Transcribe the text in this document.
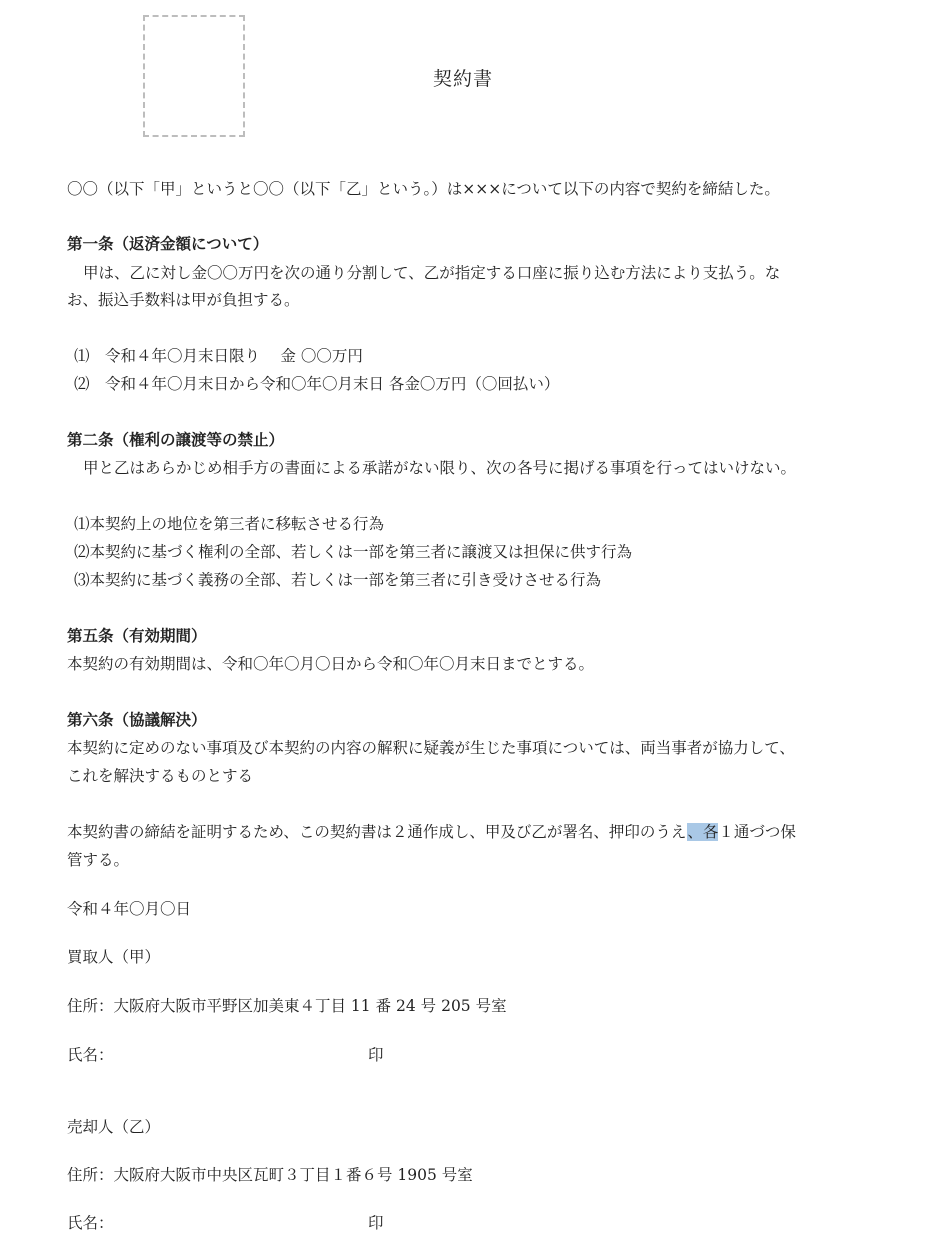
契約書
〇〇（以下「甲」というと〇〇（以下「乙」という。）は×××について以下の内容で契約を締結した。
第一条（返済金額について）
甲は、乙に対し金〇〇万円を次の通り分割して、乙が指定する口座に振り込む方法により支払う。な
お、振込手数料は甲が負担する。
⑴　令和４年〇月末日限り　 金 〇〇万円
⑵　令和４年〇月末日から令和〇年〇月末日 各金〇万円（〇回払い）
第二条（権利の譲渡等の禁止）
甲と乙はあらかじめ相手方の書面による承諾がない限り、次の各号に掲げる事項を行ってはいけない。
⑴本契約上の地位を第三者に移転させる行為
⑵本契約に基づく権利の全部、若しくは一部を第三者に譲渡又は担保に供す行為
⑶本契約に基づく義務の全部、若しくは一部を第三者に引き受けさせる行為
第五条（有効期間）
本契約の有効期間は、令和〇年〇月〇日から令和〇年〇月末日までとする。
第六条（協議解決）
本契約に定めのない事項及び本契約の内容の解釈に疑義が生じた事項については、両当事者が協力して、
これを解決するものとする
本契約書の締結を証明するため、この契約書は２通作成し、甲及び乙が署名、押印のうえ、各１通づつ保
管する。
令和４年〇月〇日
買取人（甲）
住所：大阪府大阪市平野区加美東４丁目 11 番 24 号 205 号室
氏名：	印
売却人（乙）
住所：大阪府大阪市中央区瓦町３丁目１番６号 1905 号室
氏名：	印
